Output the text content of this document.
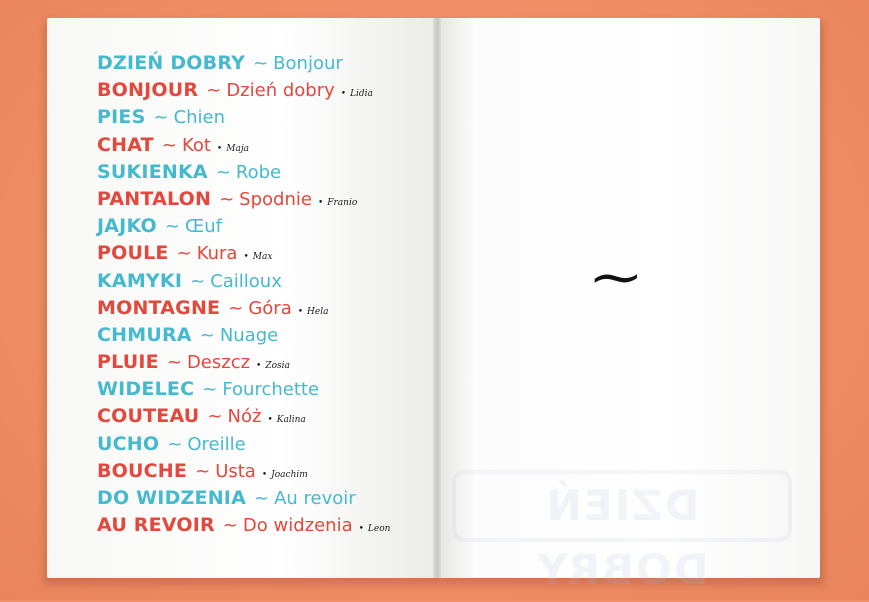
DZIEŃ DOBRY ~ Bonjour
BONJOUR ~ Dzień dobry	• Lidia
PIES ~ Chien
CHAT ~ Kot	• Maja
SUKIENKA ~ Robe
PANTALON ~ Spodnie	• Franio
JAJKO ~ Œuf
POULE ~ Kura	• Max
KAMYKI ~ Cailloux
MONTAGNE ~ Góra	• Hela
CHMURA ~ Nuage
PLUIE ~ Deszcz	• Zosia
WIDELEC ~ Fourchette
COUTEAU ~ Nóż	• Kalina
UCHO ~ Oreille
BOUCHE ~ Usta	• Joachim
DO WIDZENIA ~ Au revoir
AU REVOIR ~ Do widzenia	• Leon
~
DZIEŃ DOBRY
